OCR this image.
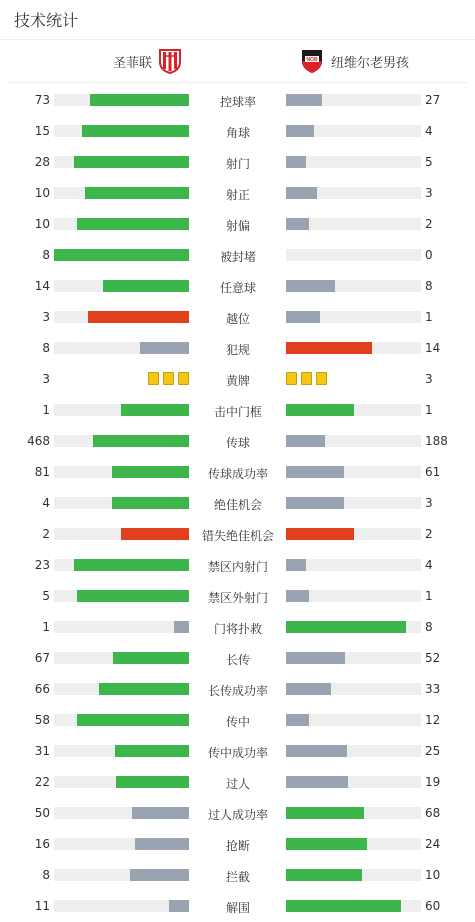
技术统计
圣菲联	NOB 纽维尔老男孩
73	控球率	27
15	角球	4
28	射门	5
10	射正	3
10	射偏	2
8	被封堵	0
14	任意球	8
3	越位	1
8	犯规	14
3	黄牌	3
1	击中门框	1
468	传球	188
81	传球成功率	61
4	绝佳机会	3
2	错失绝佳机会	2
23	禁区内射门	4
5	禁区外射门	1
1	门将扑救	8
67	长传	52
66	长传成功率	33
58	传中	12
31	传中成功率	25
22	过人	19
50	过人成功率	68
16	抢断	24
8	拦截	10
11	解围	60
